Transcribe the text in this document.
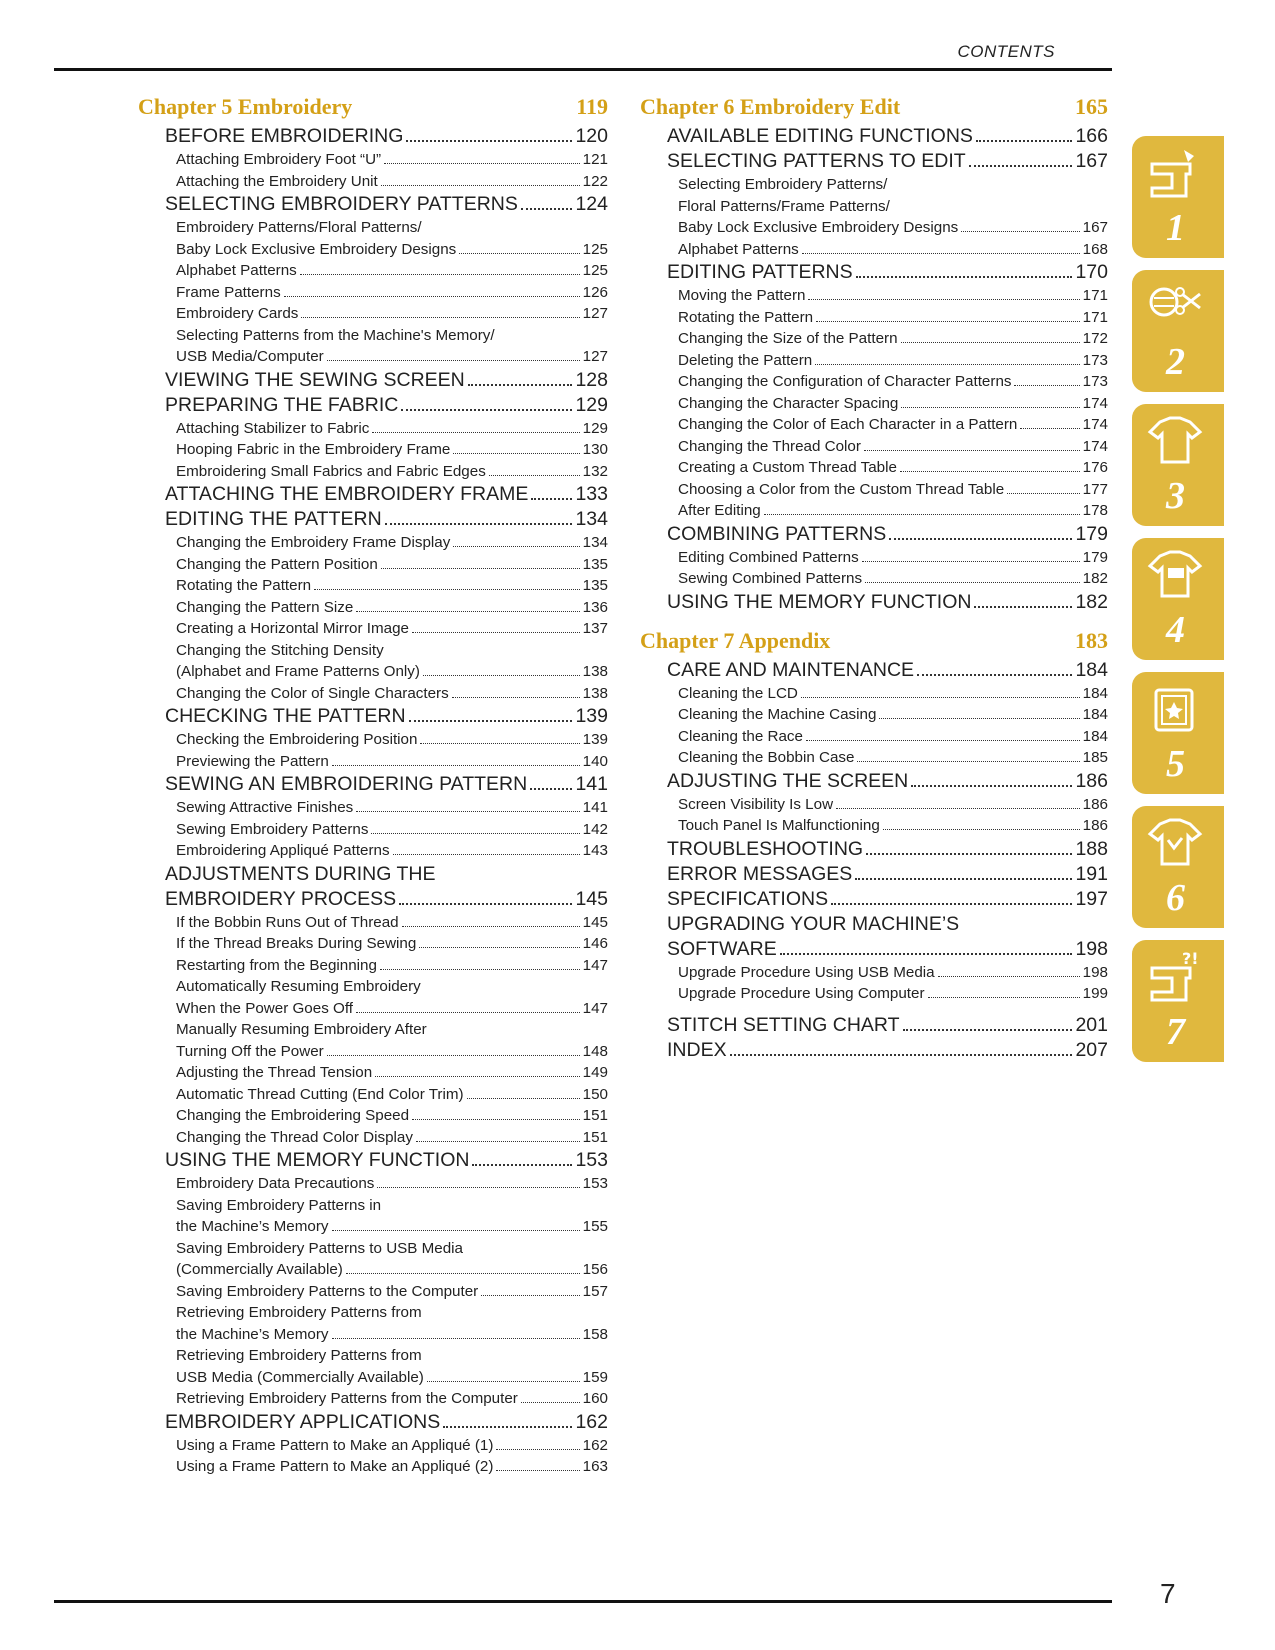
CONTENTS
Chapter 5 Embroidery	119
BEFORE EMBROIDERING	120
Attaching Embroidery Foot “U”	121
Attaching the Embroidery Unit	122
SELECTING EMBROIDERY PATTERNS	124
Embroidery Patterns/Floral Patterns/
Baby Lock Exclusive Embroidery Designs	125
Alphabet Patterns	125
Frame Patterns	126
Embroidery Cards	127
Selecting Patterns from the Machine's Memory/
USB Media/Computer	127
VIEWING THE SEWING SCREEN	128
PREPARING THE FABRIC	129
Attaching Stabilizer to Fabric	129
Hooping Fabric in the Embroidery Frame	130
Embroidering Small Fabrics and Fabric Edges	132
ATTACHING THE EMBROIDERY FRAME 133
EDITING THE PATTERN	134
Changing the Embroidery Frame Display	134
Changing the Pattern Position	135
Rotating the Pattern	135
Changing the Pattern Size	136
Creating a Horizontal Mirror Image	137
Changing the Stitching Density
(Alphabet and Frame Patterns Only)	138
Changing the Color of Single Characters	138
CHECKING THE PATTERN	139
Checking the Embroidering Position	139
Previewing the Pattern	140
SEWING AN EMBROIDERING PATTERN 141
Sewing Attractive Finishes	141
Sewing Embroidery Patterns	142
Embroidering Appliqué Patterns	143
ADJUSTMENTS DURING THE
EMBROIDERY PROCESS	145
If the Bobbin Runs Out of Thread	145
If the Thread Breaks During Sewing	146
Restarting from the Beginning	147
Automatically Resuming Embroidery
When the Power Goes Off	147
Manually Resuming Embroidery After
Turning Off the Power	148
Adjusting the Thread Tension	149
Automatic Thread Cutting (End Color Trim)	150
Changing the Embroidering Speed	151
Changing the Thread Color Display	151
USING THE MEMORY FUNCTION	153
Embroidery Data Precautions	153
Saving Embroidery Patterns in
the Machine’s Memory	155
Saving Embroidery Patterns to USB Media
(Commercially Available)	156
Saving Embroidery Patterns to the Computer	157
Retrieving Embroidery Patterns from
the Machine’s Memory	158
Retrieving Embroidery Patterns from
USB Media (Commercially Available)	159
Retrieving Embroidery Patterns from the Computer	160
EMBROIDERY APPLICATIONS	162
Using a Frame Pattern to Make an Appliqué (1)	162
Using a Frame Pattern to Make an Appliqué (2)	163
Chapter 6 Embroidery Edit	165
AVAILABLE EDITING FUNCTIONS	166
SELECTING PATTERNS TO EDIT	167
Selecting Embroidery Patterns/
Floral Patterns/Frame Patterns/
Baby Lock Exclusive Embroidery Designs	167
Alphabet Patterns	168
EDITING PATTERNS	170
Moving the Pattern	171
Rotating the Pattern	171
Changing the Size of the Pattern	172
Deleting the Pattern	173
Changing the Configuration of Character Patterns	173
Changing the Character Spacing	174
Changing the Color of Each Character in a Pattern	174
Changing the Thread Color	174
Creating a Custom Thread Table	176
Choosing a Color from the Custom Thread Table	177
After Editing	178
COMBINING PATTERNS	179
Editing Combined Patterns	179
Sewing Combined Patterns	182
USING THE MEMORY FUNCTION	182
Chapter 7 Appendix	183
CARE AND MAINTENANCE	184
Cleaning the LCD	184
Cleaning the Machine Casing	184
Cleaning the Race	184
Cleaning the Bobbin Case	185
ADJUSTING THE SCREEN	186
Screen Visibility Is Low	186
Touch Panel Is Malfunctioning	186
TROUBLESHOOTING	188
ERROR MESSAGES	191
SPECIFICATIONS	197
UPGRADING YOUR MACHINE’S
SOFTWARE	198
Upgrade Procedure Using USB Media	198
Upgrade Procedure Using Computer	199
STITCH SETTING CHART	201
INDEX	207
1
2
3
4
5
6
?!
7
7
